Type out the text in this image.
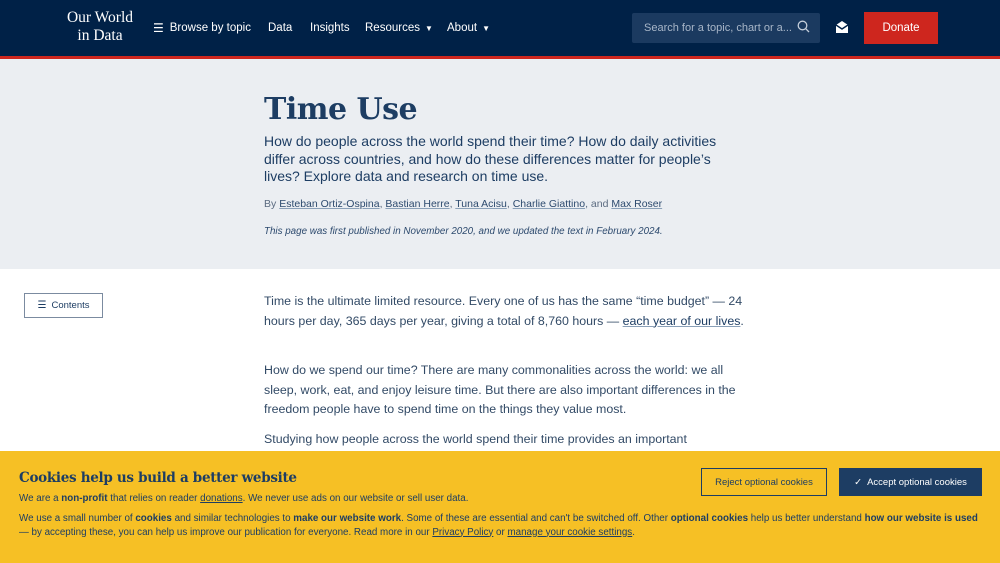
Our World
in Data	☰ Browse by topic Data Insights Resources ▼ About ▼
Search for a topic, chart or a...	Donate
Time Use

How do people across the world spend their time? How do daily activities differ across countries, and how do these differences matter for people’s lives? Explore data and research on time use.

By Esteban Ortiz-Ospina, Bastian Herre, Tuna Acisu, Charlie Giattino, and Max Roser

This page was first published in November 2020, and we updated the text in February 2024.

☰ Contents	Time is the ultimate limited resource. Every one of us has the same “time budget” — 24 hours per day, 365 days per year, giving a total of 8,760 hours — each year of our lives.

How do we spend our time? There are many commonalities across the world: we all sleep, work, eat, and enjoy leisure time. But there are also important differences in the freedom people have to spend time on the things they value most.

Studying how people across the world spend their time provides an important

Cookies help us build a better website

We are a non-profit that relies on reader donations. We never use ads on our website or sell user data.

We use a small number of cookies and similar technologies to make our website work. Some of these are essential and can't be switched off. Other optional cookies help us better understand how our website is used — by accepting these, you can help us improve our publication for everyone. Read more in our Privacy Policy or manage your cookie settings.

Reject optional cookies	✓ Accept optional cookies
